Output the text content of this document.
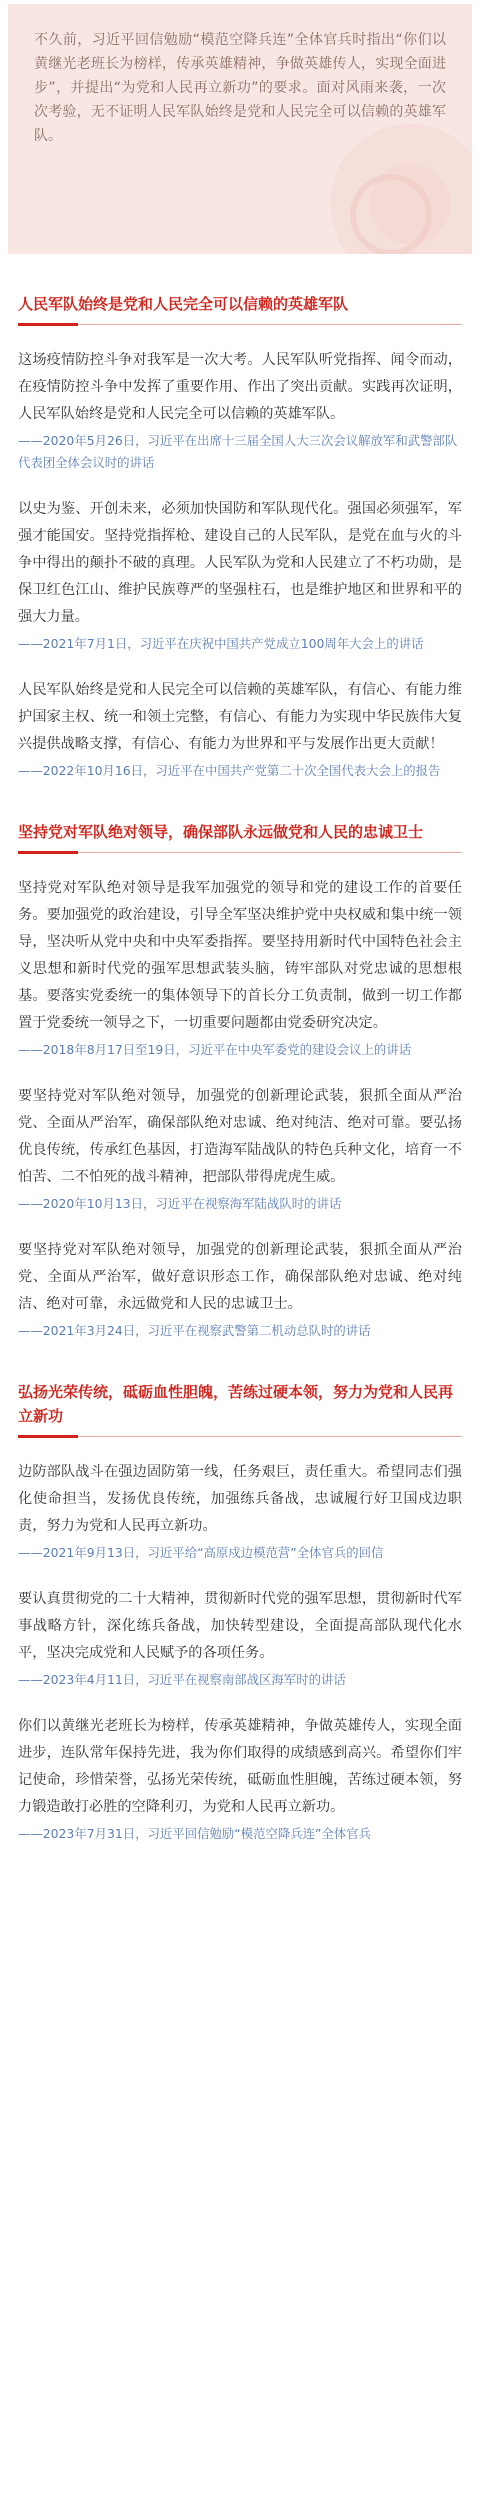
不久前，习近平回信勉励“模范空降兵连”全体官兵时指出“你们以黄继光老班长为榜样，传承英雄精神，争做英雄传人，实现全面进步”，并提出“为党和人民再立新功”的要求。面对风雨来袭，一次次考验，无不证明人民军队始终是党和人民完全可以信赖的英雄军队。

人民军队始终是党和人民完全可以信赖的英雄军队

这场疫情防控斗争对我军是一次大考。人民军队听党指挥、闻令而动，在疫情防控斗争中发挥了重要作用、作出了突出贡献。实践再次证明，人民军队始终是党和人民完全可以信赖的英雄军队。

——2020年5月26日，习近平在出席十三届全国人大三次会议解放军和武警部队代表团全体会议时的讲话

以史为鉴、开创未来，必须加快国防和军队现代化。强国必须强军，军强才能国安。坚持党指挥枪、建设自己的人民军队，是党在血与火的斗争中得出的颠扑不破的真理。人民军队为党和人民建立了不朽功勋，是保卫红色江山、维护民族尊严的坚强柱石，也是维护地区和世界和平的强大力量。

——2021年7月1日，习近平在庆祝中国共产党成立100周年大会上的讲话

人民军队始终是党和人民完全可以信赖的英雄军队，有信心、有能力维护国家主权、统一和领土完整，有信心、有能力为实现中华民族伟大复兴提供战略支撑，有信心、有能力为世界和平与发展作出更大贡献！

——2022年10月16日，习近平在中国共产党第二十次全国代表大会上的报告

坚持党对军队绝对领导，确保部队永远做党和人民的忠诚卫士

坚持党对军队绝对领导是我军加强党的领导和党的建设工作的首要任务。要加强党的政治建设，引导全军坚决维护党中央权威和集中统一领导，坚决听从党中央和中央军委指挥。要坚持用新时代中国特色社会主义思想和新时代党的强军思想武装头脑，铸牢部队对党忠诚的思想根基。要落实党委统一的集体领导下的首长分工负责制，做到一切工作都置于党委统一领导之下，一切重要问题都由党委研究决定。

——2018年8月17日至19日，习近平在中央军委党的建设会议上的讲话

要坚持党对军队绝对领导，加强党的创新理论武装，狠抓全面从严治党、全面从严治军，确保部队绝对忠诚、绝对纯洁、绝对可靠。要弘扬优良传统，传承红色基因，打造海军陆战队的特色兵种文化，培育一不怕苦、二不怕死的战斗精神，把部队带得虎虎生威。

——2020年10月13日，习近平在视察海军陆战队时的讲话

要坚持党对军队绝对领导，加强党的创新理论武装，狠抓全面从严治党、全面从严治军，做好意识形态工作，确保部队绝对忠诚、绝对纯洁、绝对可靠，永远做党和人民的忠诚卫士。

——2021年3月24日，习近平在视察武警第二机动总队时的讲话

弘扬光荣传统，砥砺血性胆魄，苦练过硬本领，努力为党和人民再立新功

边防部队战斗在强边固防第一线，任务艰巨，责任重大。希望同志们强化使命担当，发扬优良传统，加强练兵备战，忠诚履行好卫国戍边职责，努力为党和人民再立新功。

——2021年9月13日，习近平给“高原戍边模范营”全体官兵的回信

要认真贯彻党的二十大精神，贯彻新时代党的强军思想，贯彻新时代军事战略方针，深化练兵备战，加快转型建设，全面提高部队现代化水平，坚决完成党和人民赋予的各项任务。

——2023年4月11日，习近平在视察南部战区海军时的讲话

你们以黄继光老班长为榜样，传承英雄精神，争做英雄传人，实现全面进步，连队常年保持先进，我为你们取得的成绩感到高兴。希望你们牢记使命，珍惜荣誉，弘扬光荣传统，砥砺血性胆魄，苦练过硬本领，努力锻造敢打必胜的空降利刃，为党和人民再立新功。

——2023年7月31日，习近平回信勉励“模范空降兵连”全体官兵
